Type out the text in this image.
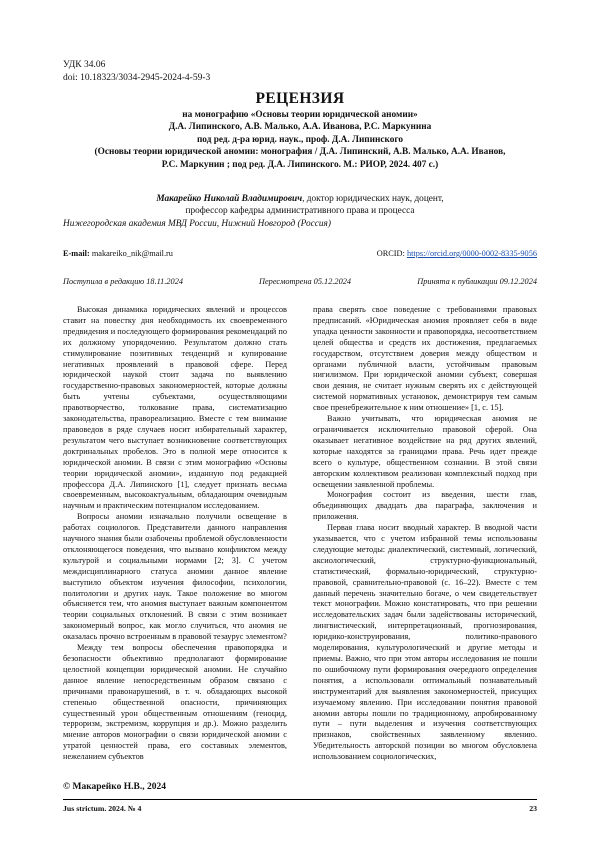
УДК 34.06
doi: 10.18323/3034-2945-2024-4-59-3
РЕЦЕНЗИЯ
на монографию «Основы теории юридической аномии»
Д.А. Липинского, А.В. Малько, А.А. Иванова, Р.С. Маркунина
под ред. д-ра юрид. наук., проф. Д.А. Липинского
(Основы теории юридической аномии: монография / Д.А. Липинский, А.В. Малько, А.А. Иванов,
Р.С. Маркунин ; под ред. Д.А. Липинского. М.: РИОР, 2024. 407 с.)
Макарейко Николай Владимирович, доктор юридических наук, доцент,
профессор кафедры административного права и процесса
Нижегородская академия МВД России, Нижний Новгород (Россия)
E-mail: makareiko_nik@mail.ru	ORCID: https://orcid.org/0000-0002-8335-9056
Поступила в редакцию 18.11.2024	Пересмотрена 05.12.2024	Принята к публикации 09.12.2024

Высокая динамика юридических явлений и процессов ставит на повестку дня необходимость их своевременного предвидения и последующего формирования рекомендаций по их должному упорядочению. Результатом должно стать стимулирование позитивных тенденций и купирование негативных проявлений в правовой сфере. Перед юридической наукой стоит задача по выявлению государственно-правовых закономерностей, которые должны быть учтены субъектами, осуществляющими правотворчество, толкование права, систематизацию законодательства, правореализацию. Вместе с тем внимание правоведов в ряде случаев носит избирательный характер, результатом чего выступает возникновение соответствующих доктринальных пробелов. Это в полной мере относится к юридической аномии. В связи с этим монографию «Основы теории юридической аномии», изданную под редакцией профессора Д.А. Липинского [1], следует признать весьма своевременным, высокоактуальным, обладающим очевидным научным и практическим потенциалом исследованием.

Вопросы аномии изначально получили освещение в работах социологов. Представители данного направления научного знания были озабочены проблемой обусловленности отклоняющегося поведения, что вызвано конфликтом между культурой и социальными нормами [2; 3]. С учетом междисциплинарного статуса аномии данное явление выступило объектом изучения философии, психологии, политологии и других наук. Такое положение во многом объясняется тем, что аномия выступает важным компонентом теории социальных отклонений. В связи с этим возникает закономерный вопрос, как могло случиться, что аномия не оказалась прочно встроенным в правовой тезаурус элементом?

Между тем вопросы обеспечения правопорядка и безопасности объективно предполагают формирование целостной концепции юридической аномии. Не случайно данное явление непосредственным образом связано с причинами правонарушений, в т. ч. обладающих высокой степенью общественной опасности, причиняющих существенный урон общественным отношениям (геноцид, терроризм, экстремизм, коррупция и др.). Можно разделить мнение авторов монографии о связи юридической аномии с утратой ценностей права, его составных элементов, нежеланием субъектов

права сверять свое поведение с требованиями правовых предписаний. «Юридическая аномия проявляет себя в виде упадка ценности законности и правопорядка, несоответствием целей общества и средств их достижения, предлагаемых государством, отсутствием доверия между обществом и органами публичной власти, устойчивым правовым нигилизмом. При юридической аномии субъект, совершая свои деяния, не считает нужным сверять их с действующей системой нормативных установок, демонстрируя тем самым свое пренебрежительное к ним отношение» [1, с. 15].

Важно учитывать, что юридическая аномия не ограничивается исключительно правовой сферой. Она оказывает негативное воздействие на ряд других явлений, которые находятся за границами права. Речь идет прежде всего о культуре, общественном сознании. В этой связи авторским коллективом реализован комплексный подход при освещении заявленной проблемы.

Монография состоит из введения, шести глав, объединяющих двадцать два параграфа, заключения и приложения.

Первая глава носит вводный характер. В вводной части указывается, что с учетом избранной темы использованы следующие методы: диалектический, системный, логический, аксиологический, структурно-функциональный, статистический, формально-юридический, структурно-правовой, сравнительно-правовой (с. 16–22). Вместе с тем данный перечень значительно богаче, о чем свидетельствует текст монографии. Можно констатировать, что при решении исследовательских задач были задействованы исторический, лингвистический, интерпретационный, прогнозирования, юридико-конструирования, политико-правового моделирования, культурологический и другие методы и приемы. Важно, что при этом авторы исследования не пошли по ошибочному пути формирования очередного определения понятия, а использовали оптимальный познавательный инструментарий для выявления закономерностей, присущих изучаемому явлению. При исследовании понятия правовой аномии авторы пошли по традиционному, апробированному пути – пути выделения и изучения соответствующих признаков, свойственных заявленному явлению. Убедительность авторской позиции во многом обусловлена использованием социологических,

© Макарейко Н.В., 2024
Jus strictum. 2024. № 4	23
